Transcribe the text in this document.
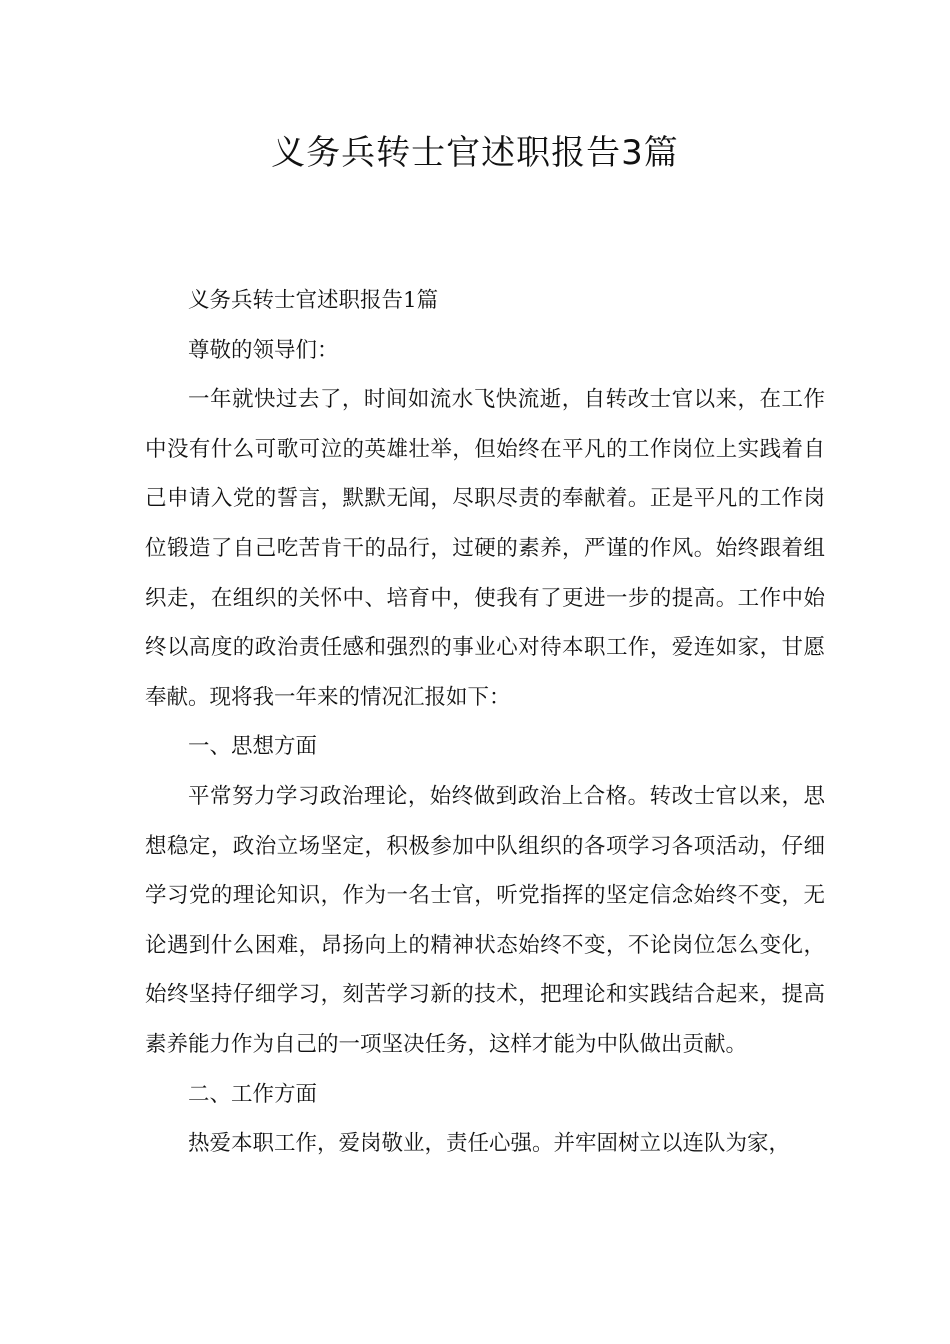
义务兵转士官述职报告3篇

义务兵转士官述职报告1篇

尊敬的领导们：

一年就快过去了，时间如流水飞快流逝，自转改士官以来，在工作中没有什么可歌可泣的英雄壮举，但始终在平凡的工作岗位上实践着自己申请入党的誓言，默默无闻，尽职尽责的奉献着。正是平凡的工作岗位锻造了自己吃苦肯干的品行，过硬的素养，严谨的作风。始终跟着组织走，在组织的关怀中、培育中，使我有了更进一步的提高。工作中始终以高度的政治责任感和强烈的事业心对待本职工作，爱连如家，甘愿奉献。现将我一年来的情况汇报如下：

一、思想方面

平常努力学习政治理论，始终做到政治上合格。转改士官以来，思想稳定，政治立场坚定，积极参加中队组织的各项学习各项活动，仔细学习党的理论知识，作为一名士官，听党指挥的坚定信念始终不变，无论遇到什么困难，昂扬向上的精神状态始终不变，不论岗位怎么变化，始终坚持仔细学习，刻苦学习新的技术，把理论和实践结合起来，提高素养能力作为自己的一项坚决任务，这样才能为中队做出贡献。

二、工作方面

热爱本职工作，爱岗敬业，责任心强。并牢固树立以连队为家，
